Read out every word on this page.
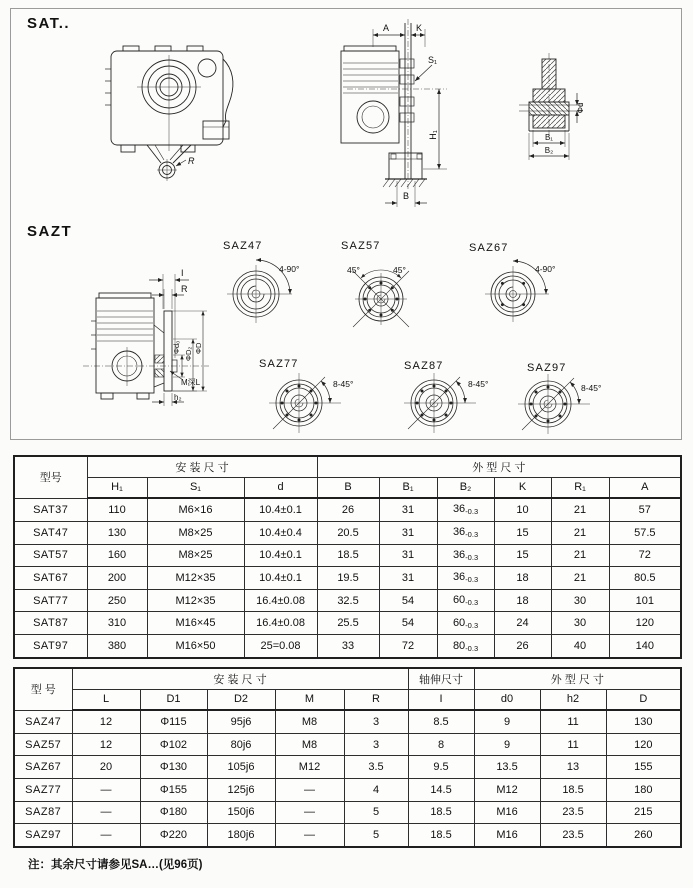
SAT..
SAZT
R
A	K
S₁
H₁
B
Φd
B₁
B₂
I
R
Φd₀ ΦD₂ ΦD
M深L
h₂
SAZ47
4-90°
SAZ57
45°	45°
SAZ67
4-90°
SAZ77
8-45°
SAZ87
8-45°
SAZ97
8-45°
型号	安 装 尺 寸			外 型 尺 寸					
	H₁	S₁	d	B	B₁	B₂	K	R₁	A
SAT37	110	M6×16	10.4±0.1	26	31	36-0.3	10	21	57
SAT47	130	M8×25	10.4±0.4	20.5	31	36-0.3	15	21	57.5
SAT57	160	M8×25	10.4±0.1	18.5	31	36-0.3	15	21	72
SAT67	200	M12×35	10.4±0.1	19.5	31	36-0.3	18	21	80.5
SAT77	250	M12×35	16.4±0.08	32.5	54	60-0.3	18	30	101
SAT87	310	M16×45	16.4±0.08	25.5	54	60-0.3	24	30	120
SAT97	380	M16×50	25=0.08	33	72	80-0.3	26	40	140
型 号	安 装 尺 寸					轴伸尺寸	外 型 尺 寸		
	L	D1	D2	M	R	I	d0	h2	D
SAZ47	12	Φ115	95j6	M8	3	8.5	9	11	130
SAZ57	12	Φ102	80j6	M8	3	8	9	11	120
SAZ67	20	Φ130	105j6	M12	3.5	9.5	13.5	13	155
SAZ77	—	Φ155	125j6	—	4	14.5	M12	18.5	180
SAZ87	—	Φ180	150j6	—	5	18.5	M16	23.5	215
SAZ97	—	Φ220	180j6	—	5	18.5	M16	23.5	260
注：其余尺寸请参见SA…(见96页)
